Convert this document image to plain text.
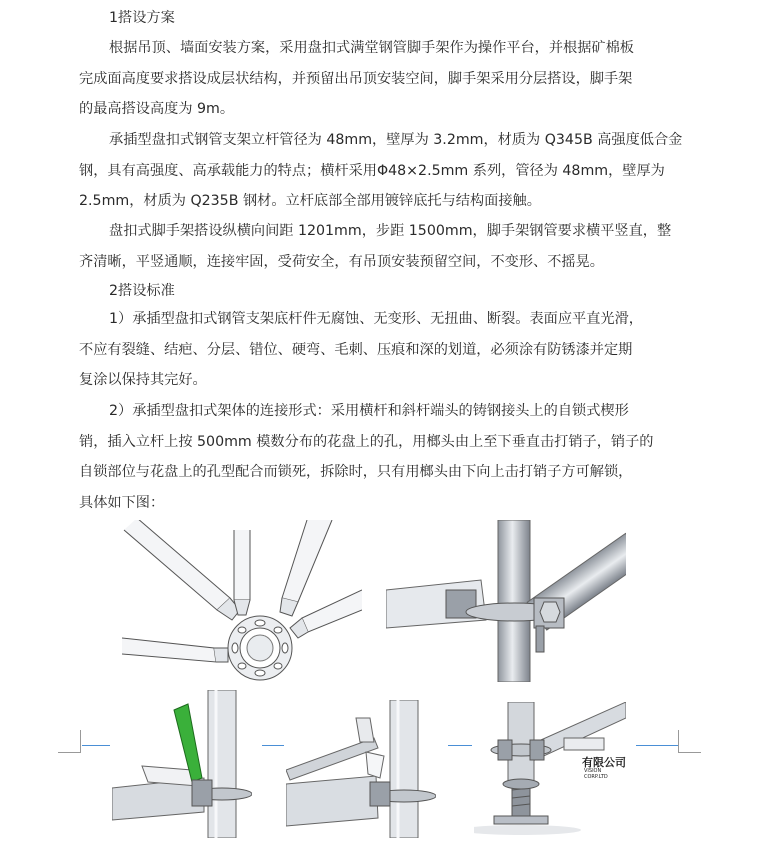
1搭设方案

根据吊顶、墙面安装方案，采用盘扣式满堂钢管脚手架作为操作平台，并根据矿棉板
完成面高度要求搭设成层状结构，并预留出吊顶安装空间，脚手架采用分层搭设，脚手架
的最高搭设高度为 9m。
承插型盘扣式钢管支架立杆管径为 48mm，壁厚为 3.2mm，材质为 Q345B 高强度低合金
钢，具有高强度、高承载能力的特点；横杆采用Φ48×2.5mm 系列，管径为 48mm，壁厚为
2.5mm，材质为 Q235B 钢材。立杆底部全部用镀锌底托与结构面接触。
盘扣式脚手架搭设纵横向间距 1201mm，步距 1500mm，脚手架钢管要求横平竖直，整
齐清晰，平竖通顺，连接牢固，受荷安全，有吊顶安装预留空间，不变形、不摇晃。

2搭设标准

1）承插型盘扣式钢管支架底杆件无腐蚀、无变形、无扭曲、断裂。表面应平直光滑，
不应有裂缝、结疤、分层、错位、硬弯、毛刺、压痕和深的划道，必须涂有防锈漆并定期
复涂以保持其完好。
2）承插型盘扣式架体的连接形式：采用横杆和斜杆端头的铸钢接头上的自锁式楔形
销，插入立杆上按 500mm 模数分布的花盘上的孔，用榔头由上至下垂直击打销子，销子的
自锁部位与花盘上的孔型配合而锁死，拆除时，只有用榔头由下向上击打销子方可解锁，
具体如下图：
有限公司
VISION CORP.LTD
